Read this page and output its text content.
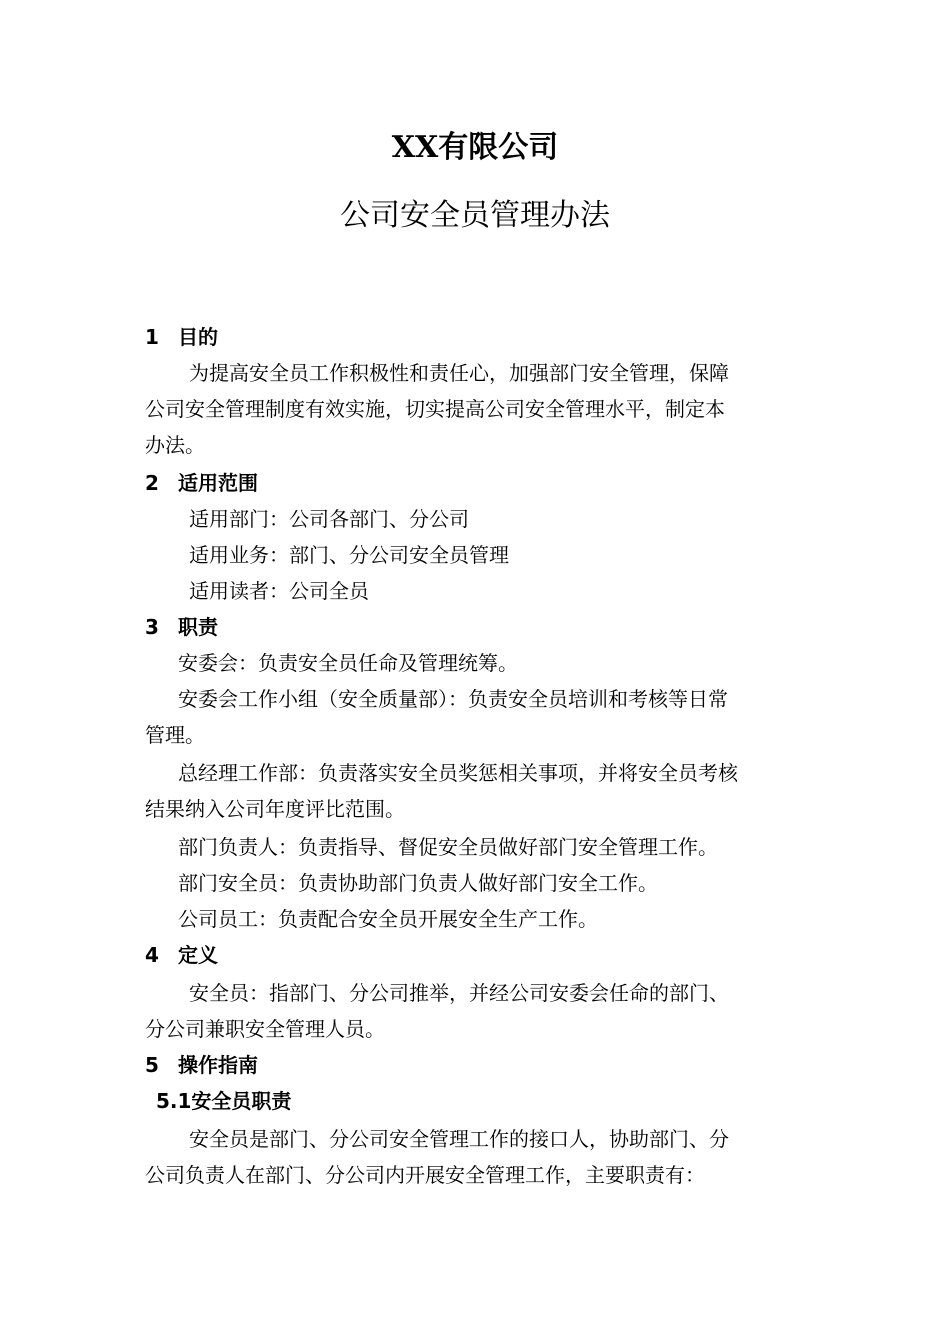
XX有限公司
公司安全员管理办法

1 目的

为提高安全员工作积极性和责任心，加强部门安全管理，保障

公司安全管理制度有效实施，切实提高公司安全管理水平，制定本

办法。

2 适用范围

适用部门：公司各部门、分公司

适用业务：部门、分公司安全员管理

适用读者：公司全员

3 职责

安委会：负责安全员任命及管理统筹。

安委会工作小组（安全质量部）：负责安全员培训和考核等日常

管理。

总经理工作部：负责落实安全员奖惩相关事项，并将安全员考核

结果纳入公司年度评比范围。

部门负责人：负责指导、督促安全员做好部门安全管理工作。

部门安全员：负责协助部门负责人做好部门安全工作。

公司员工：负责配合安全员开展安全生产工作。

4 定义

安全员：指部门、分公司推举，并经公司安委会任命的部门、

分公司兼职安全管理人员。

5 操作指南

5.1安全员职责

安全员是部门、分公司安全管理工作的接口人，协助部门、分

公司负责人在部门、分公司内开展安全管理工作，主要职责有：
